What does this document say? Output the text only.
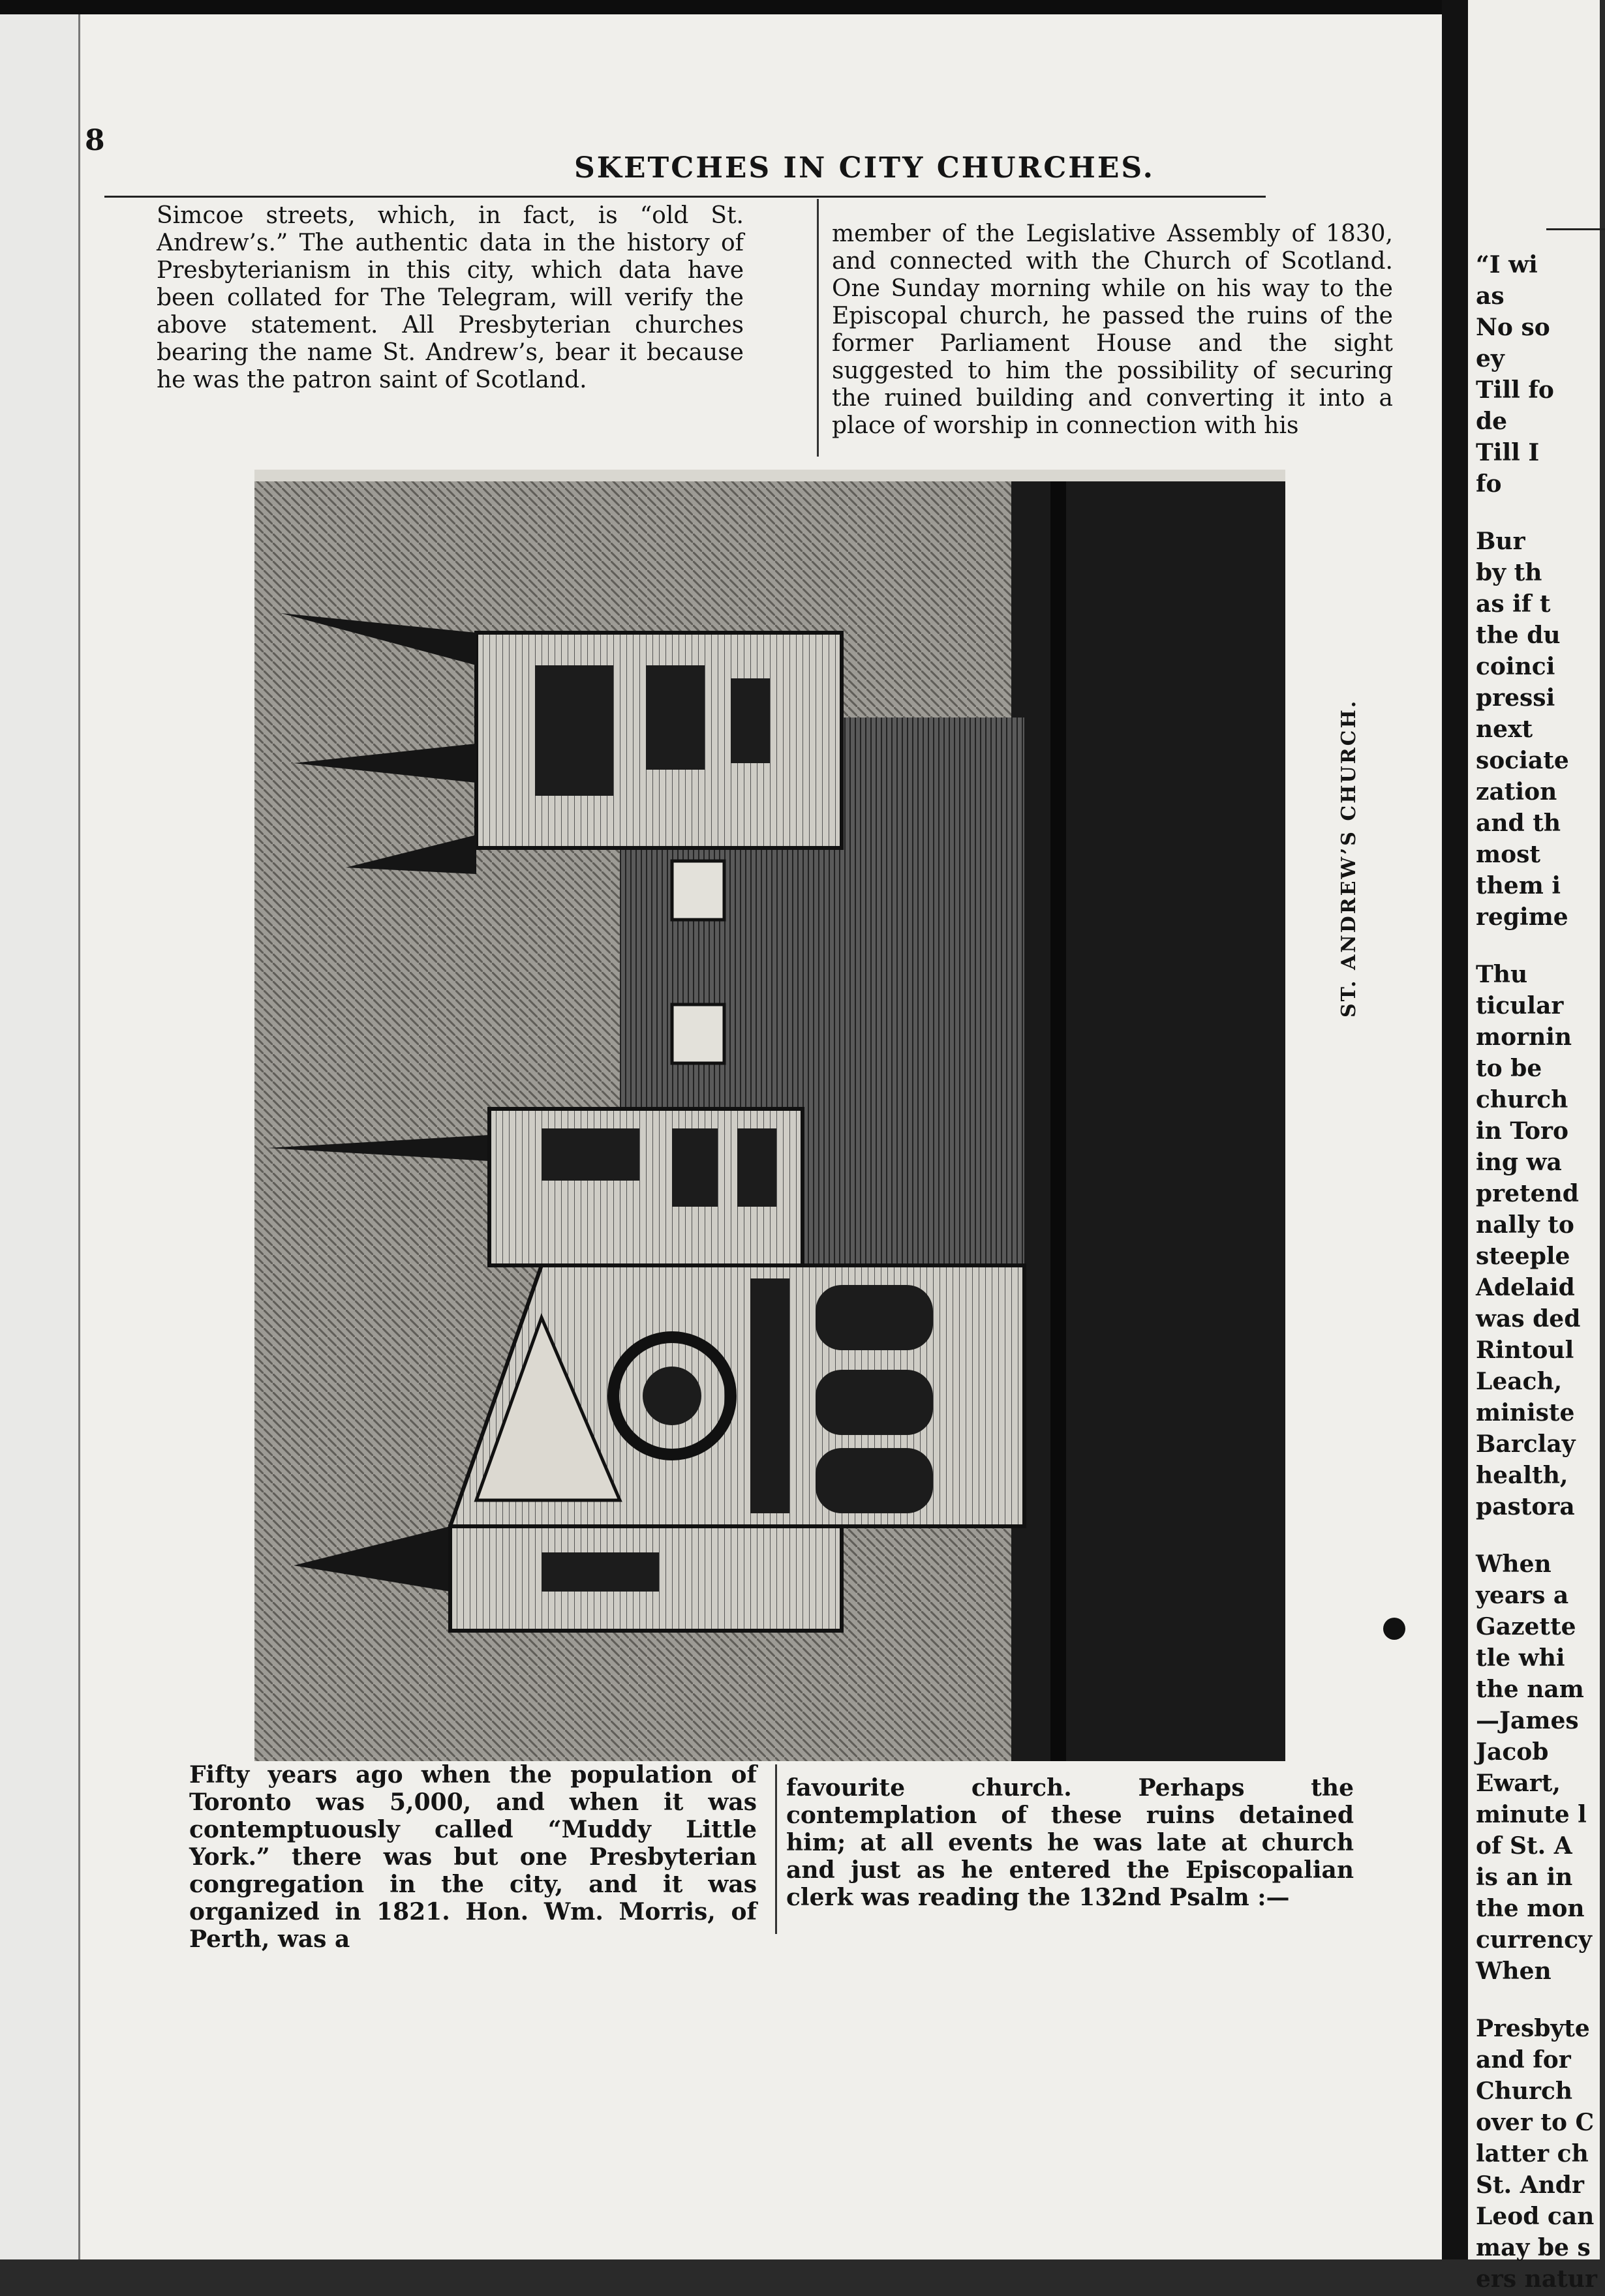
8
SKETCHES IN CITY CHURCHES.
Simcoe streets, which, in fact, is “old St. Andrew’s.” The authentic data in the history of Presbyterianism in this city, which data have been collated for The Telegram, will verify the above statement. All Presbyterian churches bearing the name St. Andrew’s, bear it because he was the patron saint of Scotland.
member of the Legislative Assembly of 1830, and connected with the Church of Scotland. One Sunday morning while on his way to the Episcopal church, he passed the ruins of the former Parliament House and the sight suggested to him the possibility of securing the ruined building and converting it into a place of worship in connection with his
ST. ANDREW’S CHURCH.
Fifty years ago when the population of Toronto was 5,000, and when it was contemptuously called “Muddy Little York.” there was but one Presbyterian congregation in the city, and it was organized in 1821. Hon. Wm. Morris, of Perth, was a
favourite church. Perhaps the contemplation of these ruins detained him; at all events he was late at church and just as he entered the Episcopalian clerk was reading the 132nd Psalm :—
“I wi
as
No so
ey
Till fo
de
Till I
fo
Bur
by th
as if t
the du
coinci
pressi
next
sociate
zation
and th
most
them i
regime
Thu
ticular
mornin
to be
church
in Toro
ing wa
pretend
nally to
steeple
Adelaid
was ded
Rintoul
Leach,
ministe
Barclay
health,
pastora
When
years a
Gazette
tle whi
the nam
—James
Jacob
Ewart,
minute l
of St. A
is an in
the mon
currency
When
Presbyte
and for
Church
over to C
latter ch
St. Andr
Leod can
may be s
ers natur
